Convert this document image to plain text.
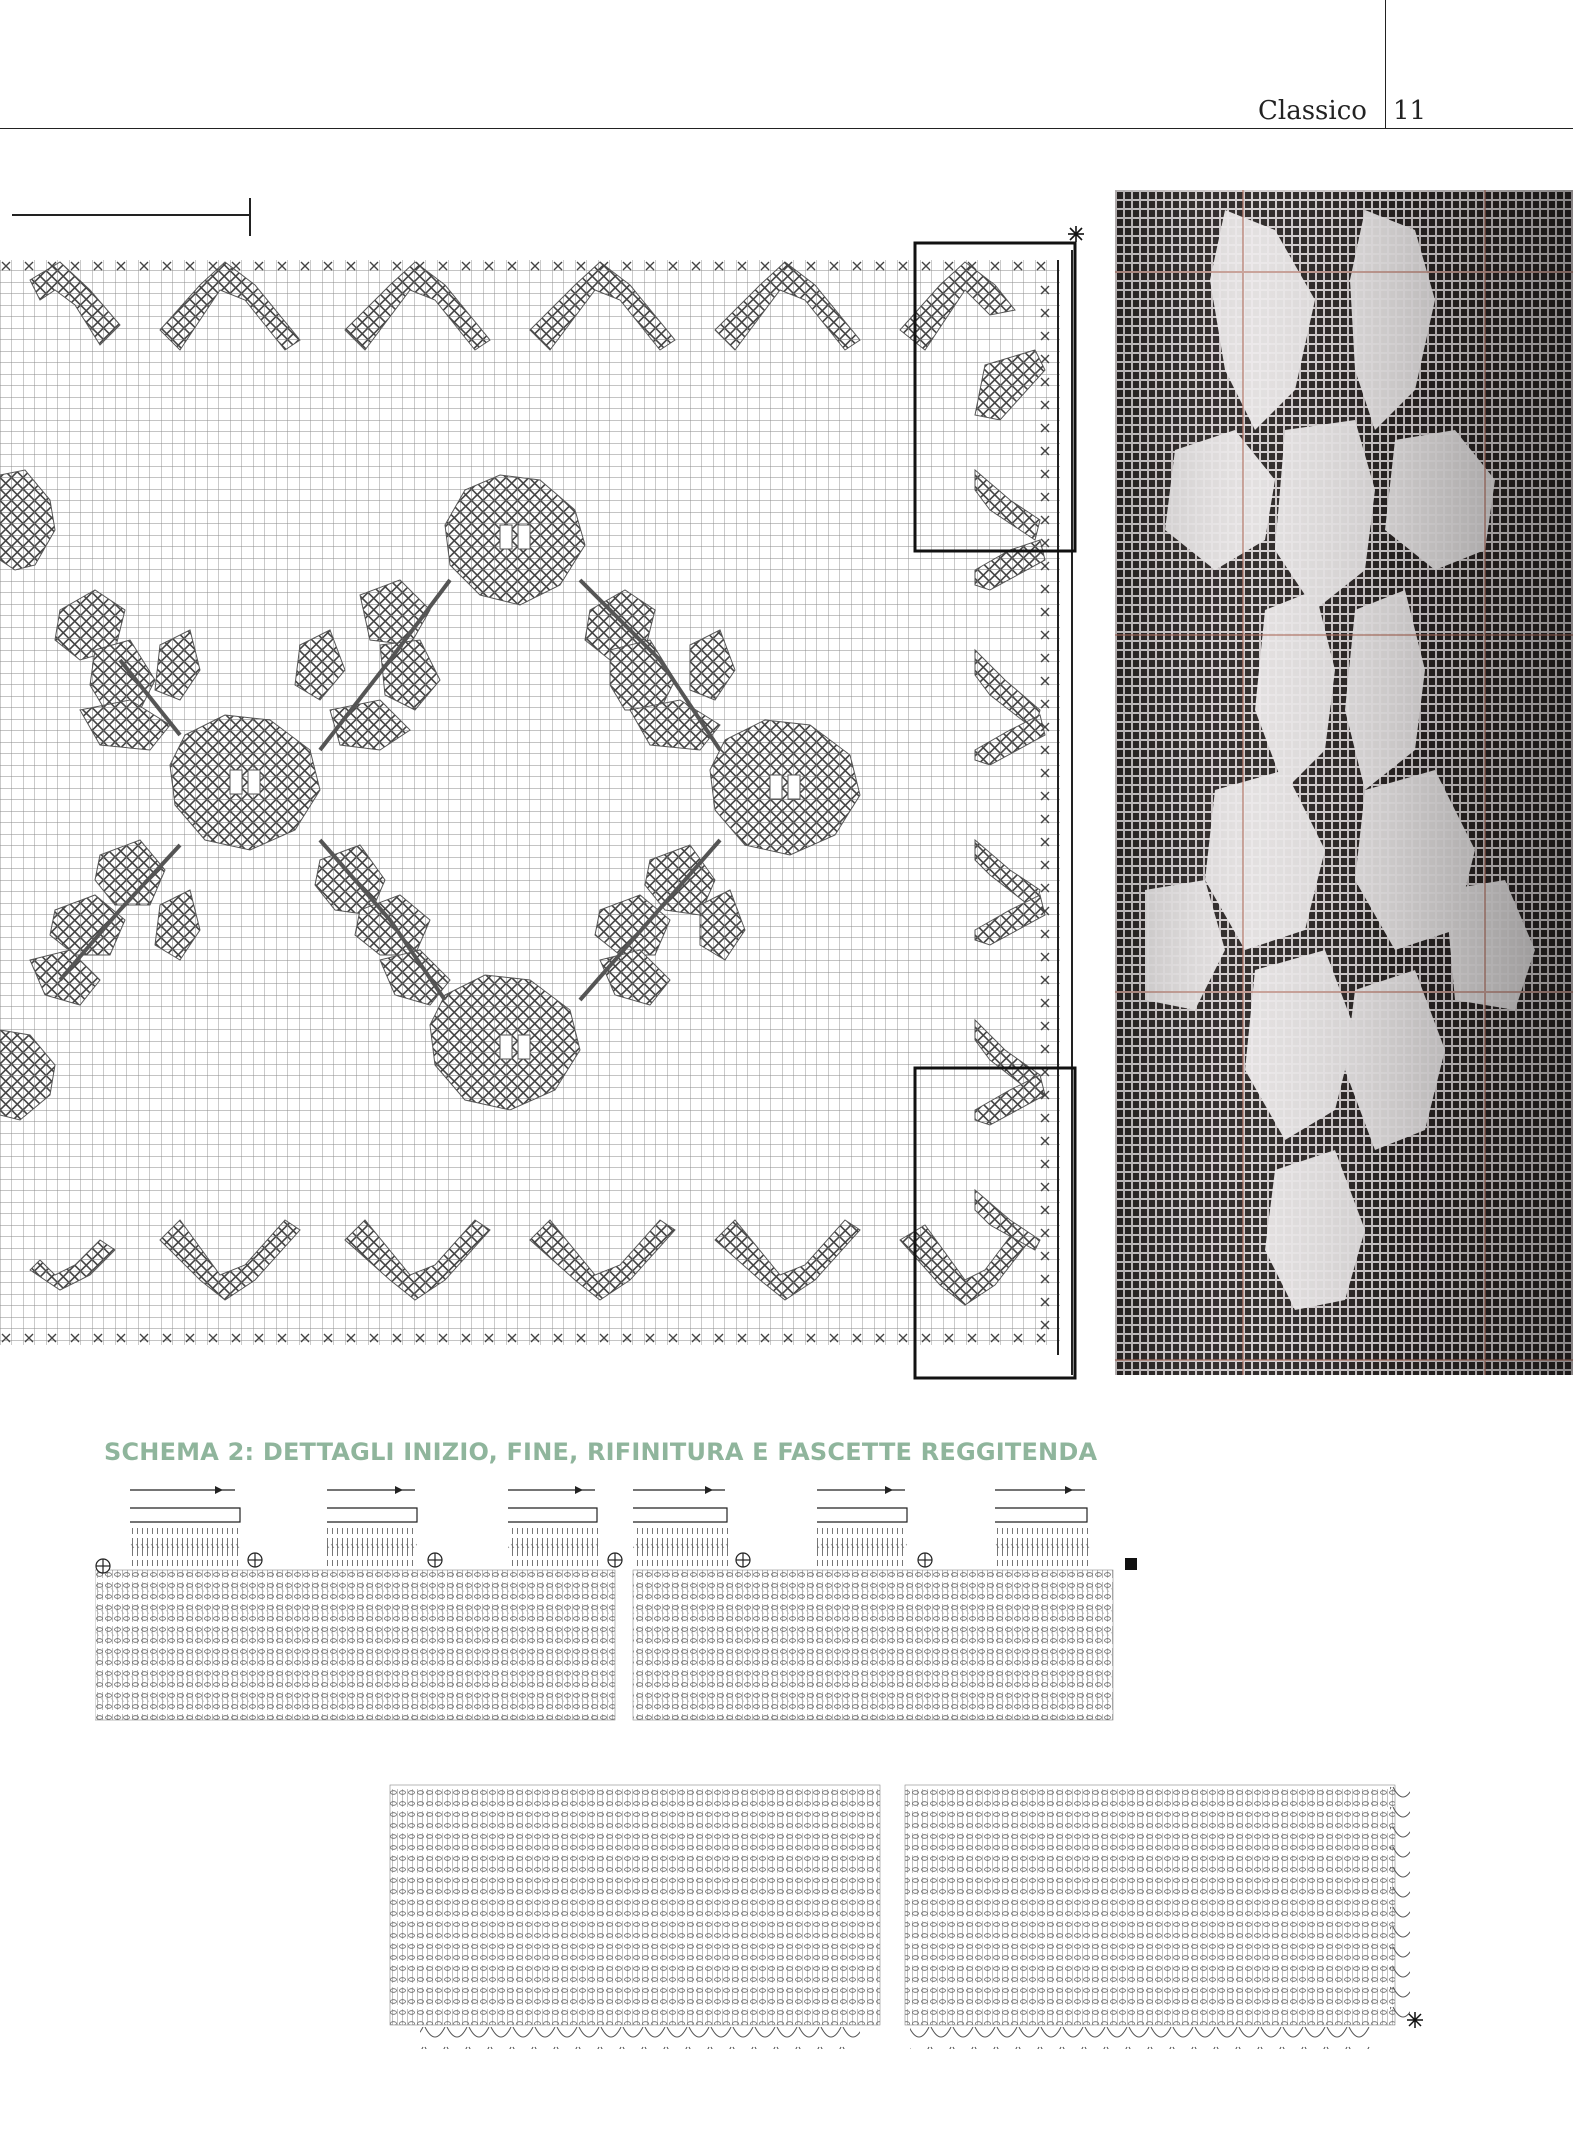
Classico 11
SCHEMA 2: DETTAGLI INIZIO, FINE, RIFINITURA E FASCETTE REGGITENDA
